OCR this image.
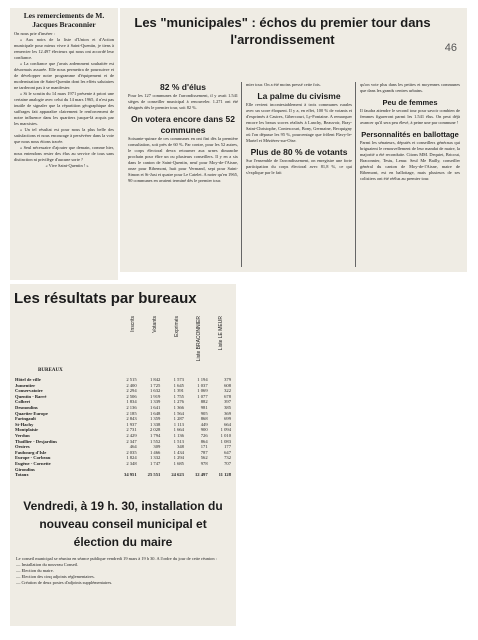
Les remerciements de M. Jacques Braconnier
On nous prie d'insérer :
« Aux noirs de la liste d'Union et d'Action municipale pour mieux vivre à Saint-Quentin, je tiens à remercier les 12.497 électeurs qui nous ont accordé leur confiance.
« La confiance que j'avais ardemment souhaitée est désormais assurée. Elle nous permettra de poursuivre et de développer notre programme d'équipement et de modernisation de Saint-Quentin dont les effets salutaires ne tarderont pas à se manifester.
« Si le scrutin du 14 mars 1971 présente à priori une certaine analogie avec celui du 14 mars 1965, il n'est pas inutile de signaler que la répartition géographique des suffrages fait apparaître clairement le renforcement de notre influence dans les quartiers jusque-là acquis par les marxistes.
« Un tel résultat est pour nous la plus belle des satisfactions et nous encourage à persévérer dans la voie que nous nous étions tracée.
« Seul nécessaire d'ajouter que demain, comme hier, nous entendons rester des élus au service de tous sans distinction ni privilège d'aucune sorte ?
« Vive Saint-Quentin ! »
Les "municipales" : échos du premier tour dans l'arrondissement
46
82 % d'élus
Pour les 127 communes de l'arrondissement, il y avait 1.541 sièges de conseiller municipal à renouveler. 1.271 ont été désignés dès le premier tour, soit 82 %.
On votera encore dans 52 communes
Soixante-quinze de ces communes en ont fini dès la première consultation, soit près de 60 %. Par contre, pour les 52 autres, le corps électoral devra retourner aux urnes dimanche prochain pour élire un ou plusieurs conseillers. Il y en a six dans le canton de Saint-Quentin, neuf pour Moy-de-l'Aisne, onze pour Ribemont, huit pour Vermand, sept pour Saint-Simon et St-Just et quatre pour Le Catelet. A noter qu'en 1965, 90 communes en avaient terminé dès le premier tour.
mier tour. On a été moins pressé cette fois.
La palme du civisme
Elle revient incontestablement à trois communes rurales avec un score éloquent. Il y a, en effet, 100 % de votants et d'exprimés à Castres, Gibercourt, Ly-Fontaine. A remarquer encore les beaux scores réalisés à Lanchy, Beauvoir, Bray-Saint-Christophe, Contescourt, Bony, Germaine, Becquigny où l'on dépasse les 95 %, pourcentage que frôlent Flavy-le-Martel et Mézières-sur-Oise.
Plus de 80 % de votants
Sur l'ensemble de l'arrondissement, on enregistre une forte participation du corps électoral avec 81,8 %, ce qui s'explique par le fait
qu'on vote plus dans les petites et moyennes communes que dans les grands centres urbains.
Peu de femmes
Il faudra attendre le second tour pour savoir combien de femmes figureront parmi les 1.541 élus. On peut déjà avancer qu'il sera peu élevé, à peine une par commune !
Personnalités en ballottage
Parmi les sénateurs, députés et conseillers généraux qui briguaient le renouvellement de leur mandat de maire, la majorité a été reconduite. Citons MM. Dequiet, Bricout, Braconnier, Testu, Lenur. Seul Me Bailly, conseiller général du canton de Moy-de-l'Aisne, maire de Ribemont, est en ballottage, mais plusieurs de ses colistiers ont été réélus au premier tour.
Les résultats par bureaux
Inscrits	Votants	Exprimés	Liste BRACONNIER	Liste LE MEUR
BUREAUX
Hôtel de ville	2 515	1 842	1 573	1 194	379
Jumentier	2 400	1 725	1 645	1 037	608
Conservatoire	2 294	1 632	1 391	1 069	322
Quentin - Barré	2 506	1 919	1 755	1 077	678
Colbert	1 834	1 339	1 276	882	397
Desmoulins	2 136	1 641	1 366	981	385
Quartier Europe	2 185	1 648	1 564	905	369
Faringault	2 843	1 359	1 287	868	699
St-Hachy	1 937	1 338	1 113	449	664
Montplaisir	2 731	2 028	1 664	900	1 094
Verdun	2 429	1 794	1 136	726	1 010
Thoillier - Desjardins	2 347	1 552	1 513	864	1 083
Oestres	464	309	348	171	177
Faubourg d'Isle	2 035	1 466	1 434	787	647
Europe - Corbeau	1 824	1 332	1 294	562	732
Eugène - Cornette	2 348	1 747	1 685	978	707
Girondins					
Totaux	34 951	25 551	24 623	12 497	11 128
Vendredi, à 19 h. 30, installation du nouveau conseil municipal et élection du maire
Le conseil municipal se réunira en séance publique vendredi 19 mars à 19 h 30. A l'ordre du jour de cette réunion :
— Installation du nouveau Conseil.
— Election du maire.
— Election des cinq adjoints réglementaires.
— Création de deux postes d'adjoints supplémentaires.
